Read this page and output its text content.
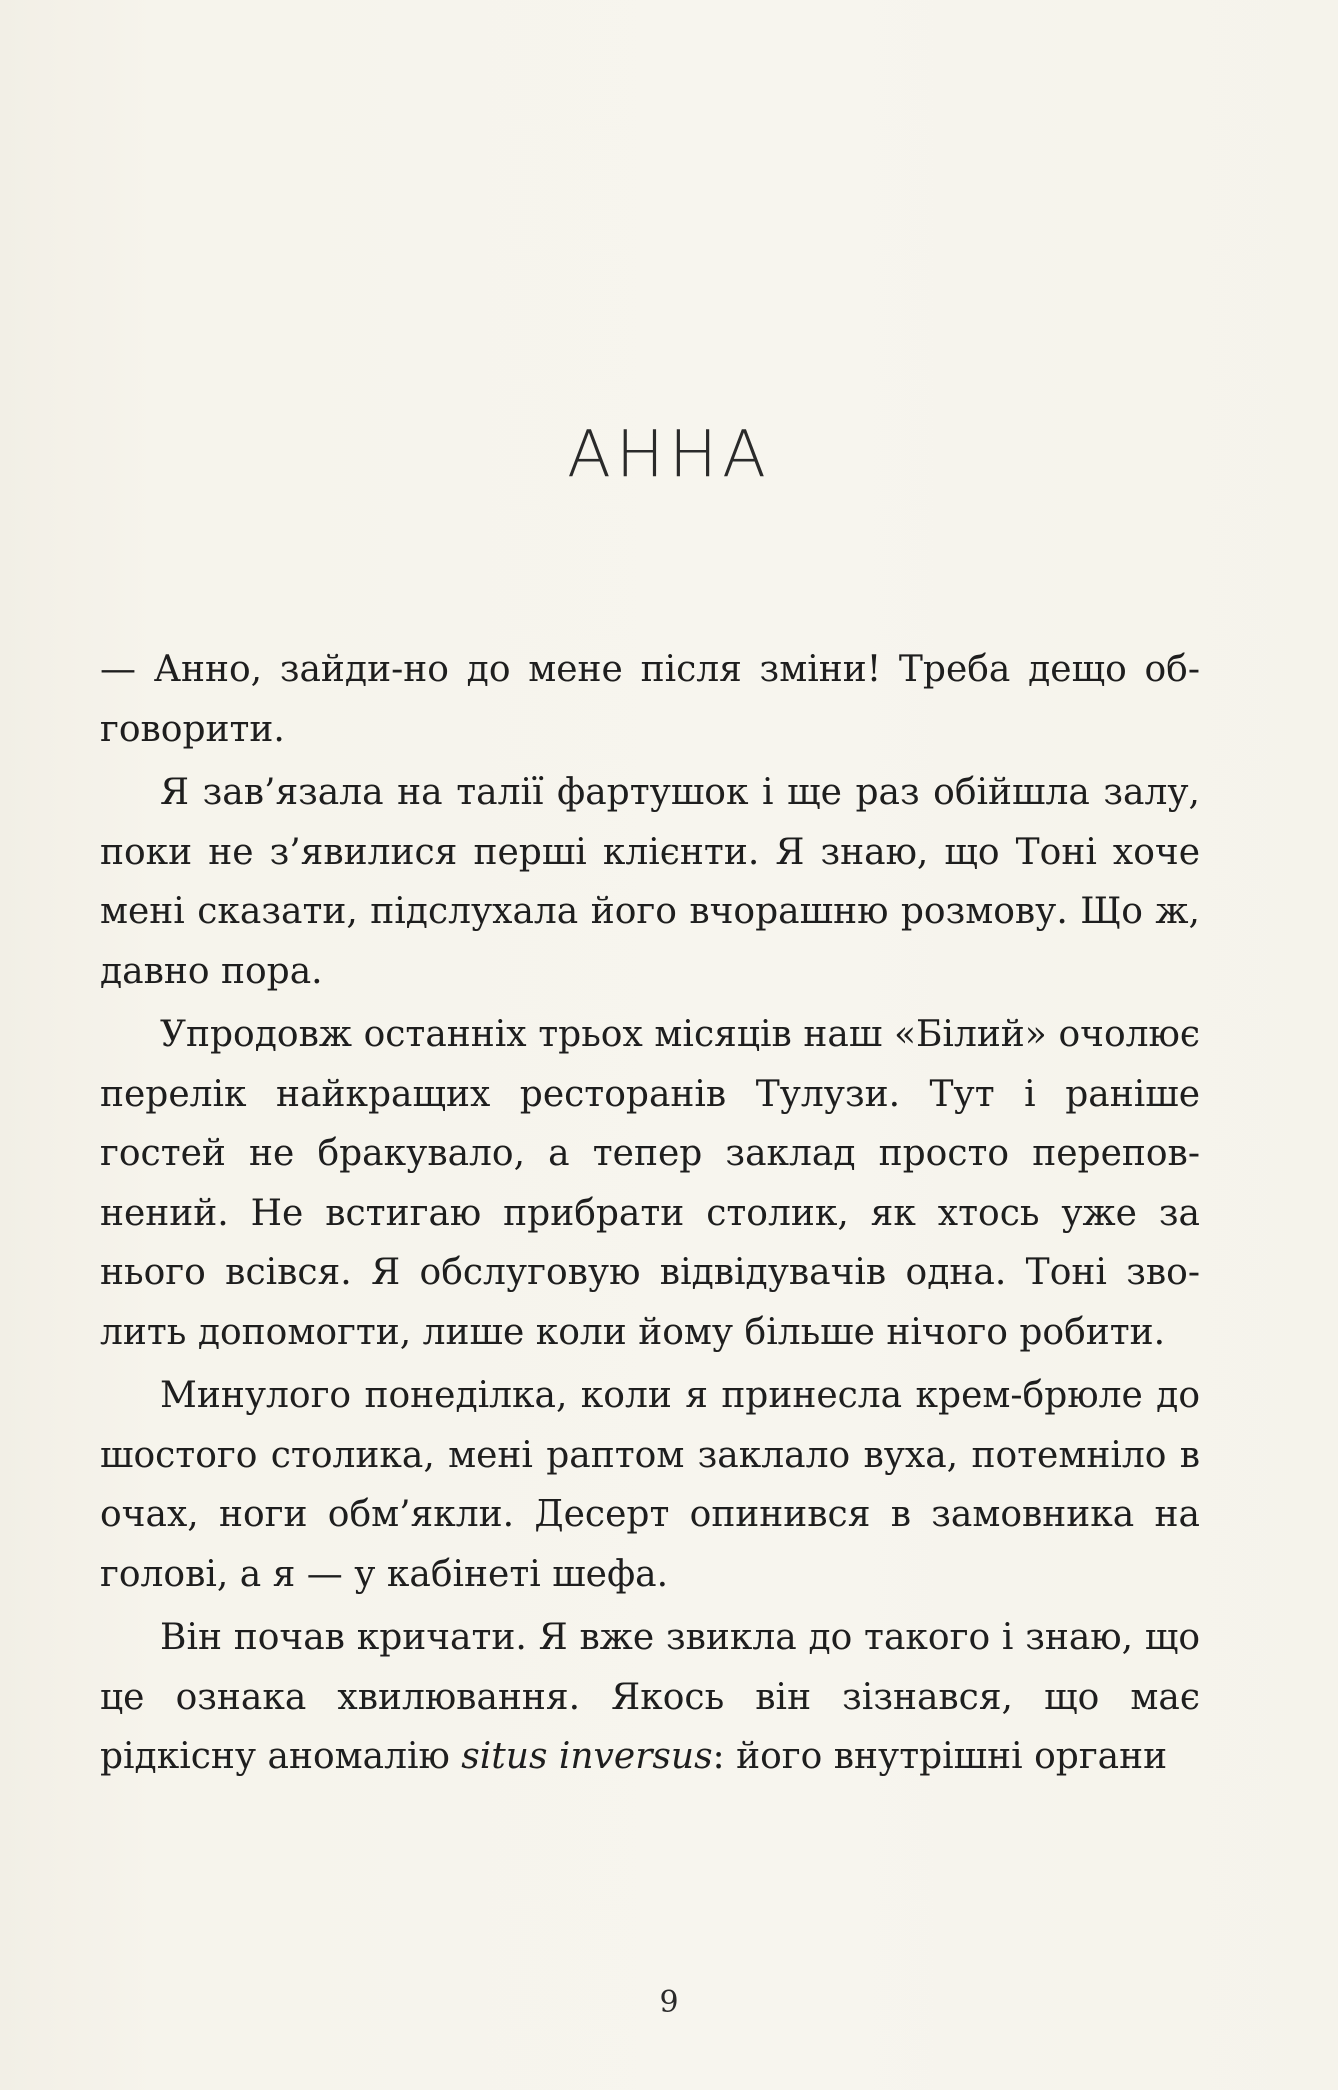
АННА

— Анно, зайди-но до мене після зміни! Треба дещо обговорити.

Я зав’язала на талії фартушок і ще раз обійшла залу, поки не з’явилися перші клієнти. Я знаю, що Тоні хоче мені сказати, підслухала його вчорашню розмову. Що ж, давно пора.

Упродовж останніх трьох місяців наш «Білий» очолює перелік найкращих ресторанів Тулузи. Тут і раніше гостей не бракувало, а тепер заклад просто переповнений. Не встигаю прибрати столик, як хтось уже за нього всівся. Я обслуговую відвідувачів одна. Тоні зволить допомогти, лише коли йому більше нічого робити.

Минулого понеділка, коли я принесла крем-брюле до шостого столика, мені раптом заклало вуха, потемніло в очах, ноги обм’якли. Десерт опинився в замовника на голові, а я — у кабінеті шефа.

Він почав кричати. Я вже звикла до такого і знаю, що це ознака хвилювання. Якось він зізнався, що має рідкісну аномалію situs inversus: його внутрішні органи

9
